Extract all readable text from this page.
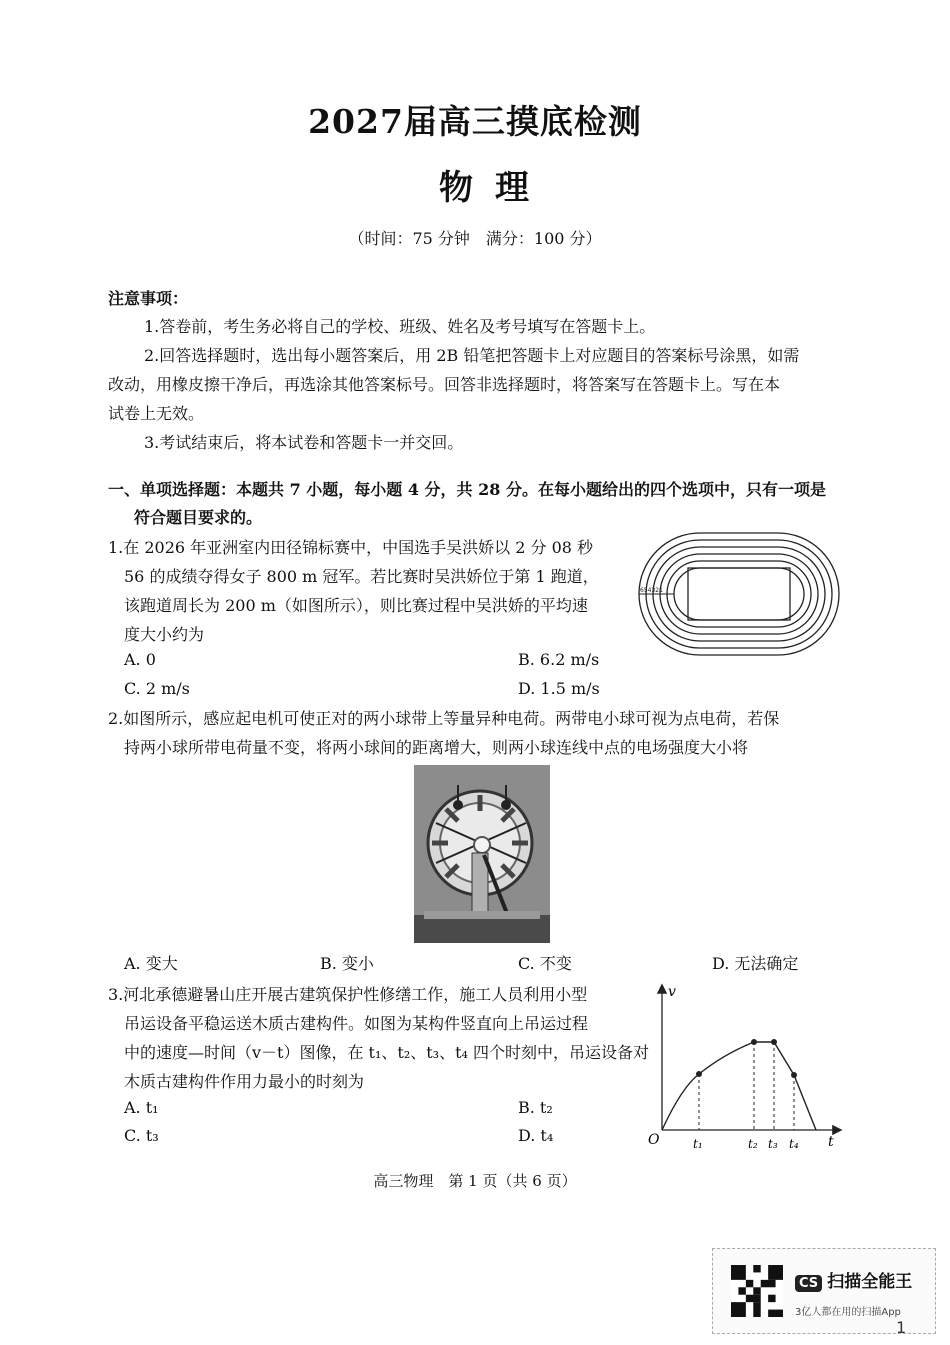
2027届高三摸底检测
物理
（时间：75 分钟　满分：100 分）
注意事项：
1.答卷前，考生务必将自己的学校、班级、姓名及考号填写在答题卡上。
2.回答选择题时，选出每小题答案后，用 2B 铅笔把答题卡上对应题目的答案标号涂黑，如需
改动，用橡皮擦干净后，再选涂其他答案标号。回答非选择题时，将答案写在答题卡上。写在本
试卷上无效。
3.考试结束后，将本试卷和答题卡一并交回。
一、单项选择题：本题共 7 小题，每小题 4 分，共 28 分。在每小题给出的四个选项中，只有一项是
符合题目要求的。
1.在 2026 年亚洲室内田径锦标赛中，中国选手吴洪娇以 2 分 08 秒
56 的成绩夺得女子 800 m 冠军。若比赛时吴洪娇位于第 1 跑道，
该跑道周长为 200 m（如图所示），则比赛过程中吴洪娇的平均速
度大小约为
A. 0	B. 6.2 m/s
C. 2 m/s	D. 1.5 m/s
654321
2.如图所示，感应起电机可使正对的两小球带上等量异种电荷。两带电小球可视为点电荷，若保
持两小球所带电荷量不变，将两小球间的距离增大，则两小球连线中点的电场强度大小将
A. 变大	B. 变小	C. 不变	D. 无法确定
3.河北承德避暑山庄开展古建筑保护性修缮工作，施工人员利用小型
吊运设备平稳运送木质古建构件。如图为某构件竖直向上吊运过程
中的速度—时间（v－t）图像，在 t₁、t₂、t₃、t₄ 四个时刻中，吊运设备对
木质古建构件作用力最小的时刻为
A. t₁	B. t₂
C. t₃	D. t₄
v
t
O	t₁	t₂ t₃ t₄
高三物理　第 1 页（共 6 页）
CS 扫描全能王
3亿人都在用的扫描App
1
